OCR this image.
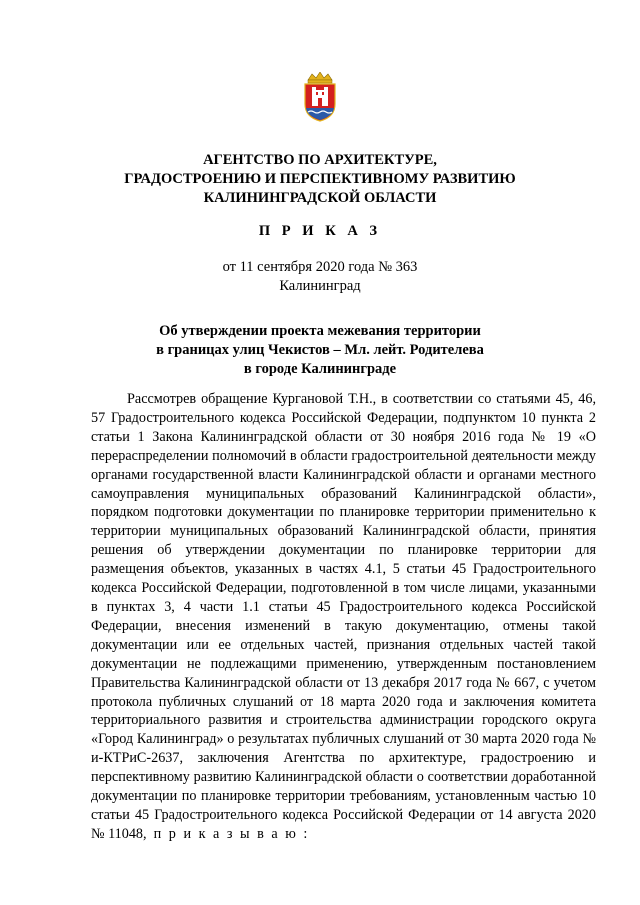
АГЕНТСТВО ПО АРХИТЕКТУРЕ,
ГРАДОСТРОЕНИЮ И ПЕРСПЕКТИВНОМУ РАЗВИТИЮ
КАЛИНИНГРАДСКОЙ ОБЛАСТИ
П Р И К А З
от 11 сентября 2020 года № 363
Калининград
Об утверждении проекта межевания территории
в границах улиц Чекистов – Мл. лейт. Родителева
в городе Калининграде

Рассмотрев обращение Кургановой Т.Н., в соответствии со статьями 45, 46, 57 Градостроительного кодекса Российской Федерации, подпунктом 10 пункта 2 статьи 1 Закона Калининградской области от 30 ноября 2016 года № 19 «О перераспределении полномочий в области градостроительной деятельности между органами государственной власти Калининградской области и органами местного самоуправления муниципальных образований Калининградской области», порядком подготовки документации по планировке территории применительно к территории муниципальных образований Калининградской области, принятия решения об утверждении документации по планировке территории для размещения объектов, указанных в частях 4.1, 5 статьи 45 Градостроительного кодекса Российской Федерации, подготовленной в том числе лицами, указанными в пунктах 3, 4 части 1.1 статьи 45 Градостроительного кодекса Российской Федерации, внесения изменений в такую документацию, отмены такой документации или ее отдельных частей, признания отдельных частей такой документации не подлежащими применению, утвержденным постановлением Правительства Калининградской области от 13 декабря 2017 года № 667, с учетом протокола публичных слушаний от 18 марта 2020 года и заключения комитета территориального развития и строительства администрации городского округа «Город Калининград» о результатах публичных слушаний от 30 марта 2020 года № и-КТРиС-2637, заключения Агентства по архитектуре, градостроению и перспективному развитию Калининградской области о соответствии доработанной документации по планировке территории требованиям, установленным частью 10 статьи 45 Градостроительного кодекса Российской Федерации от 14 августа 2020 № 11048, п р и к а з ы в а ю :
